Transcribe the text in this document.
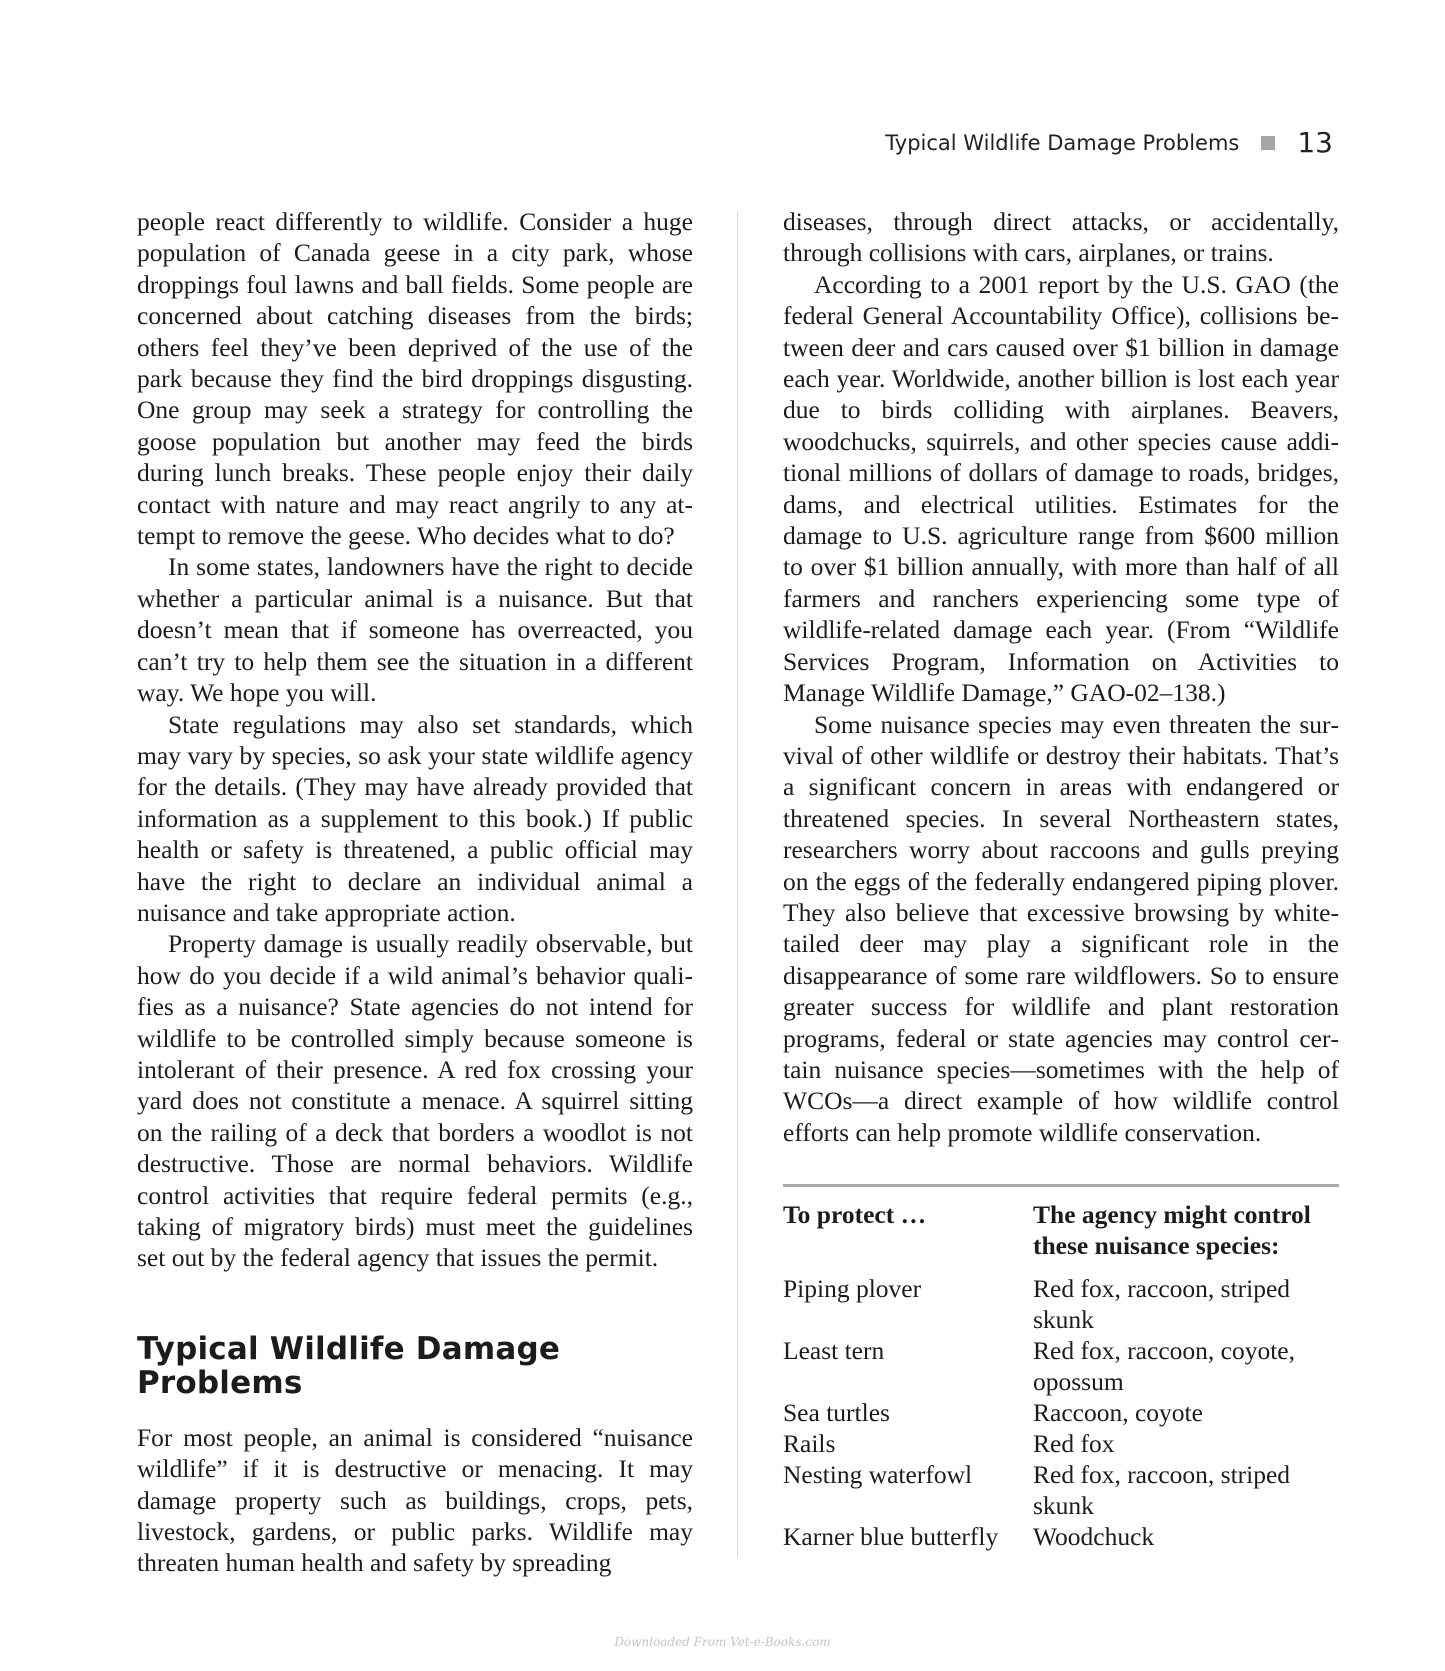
Typical Wildlife Damage Problems 13

people react differently to wildlife. Consider a huge population of Canada geese in a city park, whose droppings foul lawns and ball fields. Some people are concerned about catching diseases from the birds; others feel they’ve been deprived of the use of the park because they find the bird droppings disgusting. One group may seek a strategy for controlling the goose population but another may feed the birds during lunch breaks. These people enjoy their daily contact with nature and may react angrily to any attempt to remove the geese. Who decides what to do?

In some states, landowners have the right to decide whether a particular animal is a nuisance. But that doesn’t mean that if someone has overreacted, you can’t try to help them see the situation in a different way. We hope you will.

State regulations may also set standards, which may vary by species, so ask your state wildlife agency for the details. (They may have already provided that information as a supplement to this book.) If public health or safety is threatened, a public official may have the right to declare an individual animal a nuisance and take appropriate action.

Property damage is usually readily observable, but how do you decide if a wild animal’s behavior qualifies as a nuisance? State agencies do not intend for wildlife to be controlled simply because someone is intolerant of their presence. A red fox crossing your yard does not constitute a menace. A squirrel sitting on the railing of a deck that borders a woodlot is not destructive. Those are normal behaviors. Wildlife control activities that require federal permits (e.g., taking of migratory birds) must meet the guidelines set out by the federal agency that issues the permit.

Typical Wildlife Damage Problems

For most people, an animal is considered “nuisance wildlife” if it is destructive or menacing. It may damage property such as buildings, crops, pets, livestock, gardens, or public parks. Wildlife may threaten human health and safety by spreading

diseases, through direct attacks, or accidentally, through collisions with cars, airplanes, or trains.

According to a 2001 report by the U.S. GAO (the federal General Accountability Office), collisions between deer and cars caused over $1 billion in damage each year. Worldwide, another billion is lost each year due to birds colliding with airplanes. Beavers, woodchucks, squirrels, and other species cause additional millions of dollars of damage to roads, bridges, dams, and electrical utilities. Estimates for the damage to U.S. agriculture range from $600 million to over $1 billion annually, with more than half of all farmers and ranchers experiencing some type of wildlife-related damage each year. (From “Wildlife Services Program, Information on Activities to Manage Wildlife Damage,” GAO-02–138.)

Some nuisance species may even threaten the survival of other wildlife or destroy their habitats. That’s a significant concern in areas with endangered or threatened species. In several Northeastern states, researchers worry about raccoons and gulls preying on the eggs of the federally endangered piping plover. They also believe that excessive browsing by white-tailed deer may play a significant role in the disappearance of some rare wildflowers. So to ensure greater success for wildlife and plant restoration programs, federal or state agencies may control certain nuisance species—sometimes with the help of WCOs—a direct example of how wildlife control efforts can help promote wildlife conservation.

To protect …	The agency might control these nuisance species:
Piping plover	Red fox, raccoon, striped skunk
Least tern	Red fox, raccoon, coyote, opossum
Sea turtles	Raccoon, coyote
Rails	Red fox
Nesting waterfowl	Red fox, raccoon, striped skunk
Karner blue butterfly	Woodchuck
Downloaded From Vet-e-Books.com
